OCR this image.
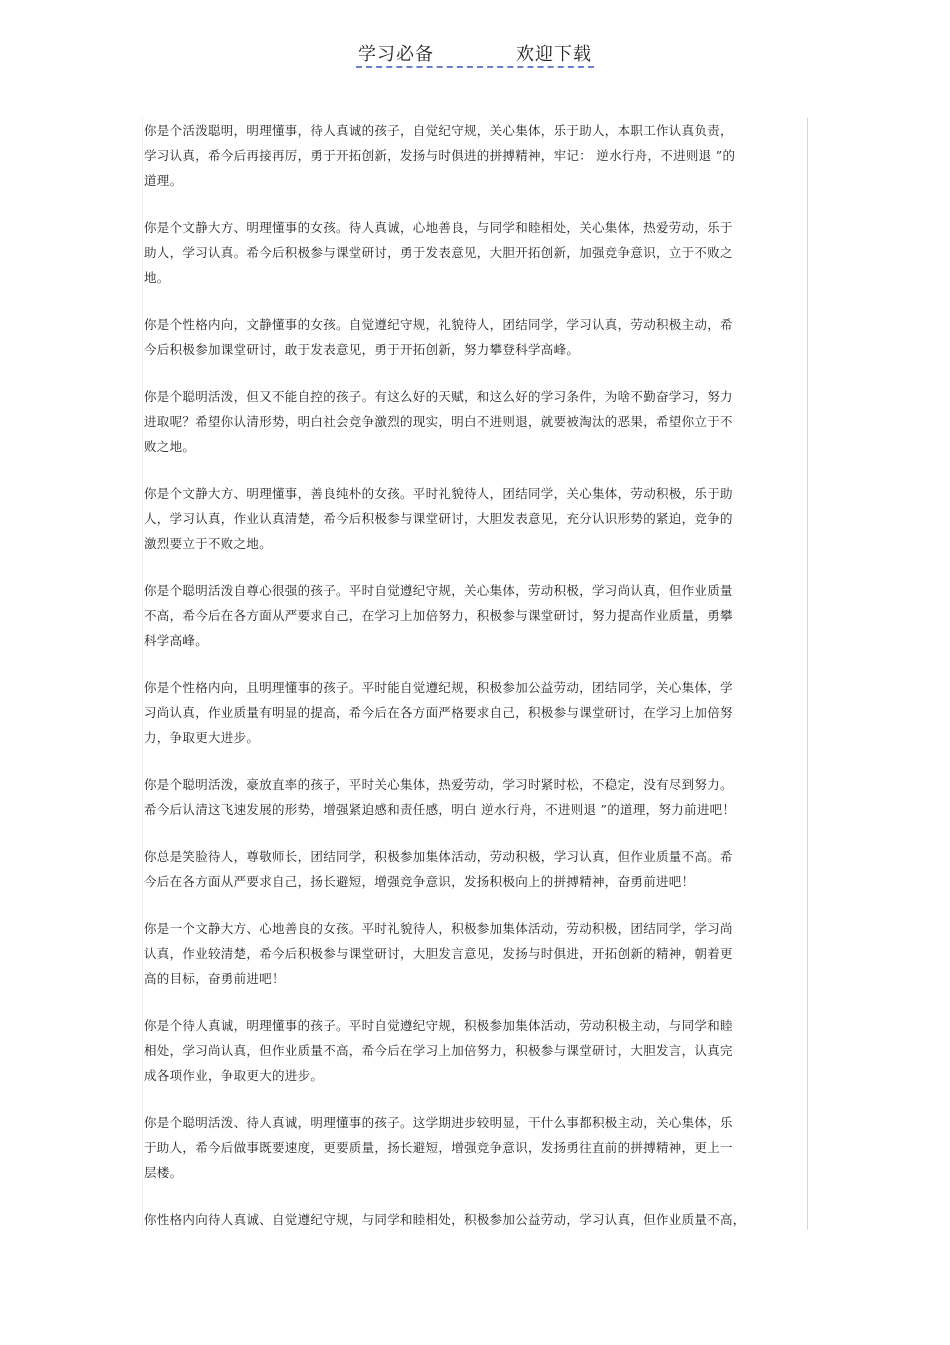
学习必备	欢迎下载
你是个活泼聪明，明理懂事，待人真诚的孩子，自觉纪守规，关心集体，乐于助人，本职工作认真负责，
学习认真，希今后再接再厉，勇于开拓创新，发扬与时俱进的拼搏精神，牢记： 逆水行舟，不进则退 ”的
道理。
你是个文静大方、明理懂事的女孩。待人真诚，心地善良，与同学和睦相处，关心集体，热爱劳动，乐于
助人，学习认真。希今后积极参与课堂研讨，勇于发表意见，大胆开拓创新，加强竞争意识，立于不败之
地。
你是个性格内向，文静懂事的女孩。自觉遵纪守规，礼貌待人，团结同学，学习认真，劳动积极主动，希
今后积极参加课堂研讨，敢于发表意见，勇于开拓创新，努力攀登科学高峰。
你是个聪明活泼，但又不能自控的孩子。有这么好的天赋，和这么好的学习条件，为啥不勤奋学习，努力
进取呢？希望你认清形势，明白社会竞争激烈的现实，明白不进则退，就要被淘汰的恶果，希望你立于不
败之地。
你是个文静大方、明理懂事，善良纯朴的女孩。平时礼貌待人，团结同学，关心集体，劳动积极，乐于助
人，学习认真，作业认真清楚，希今后积极参与课堂研讨，大胆发表意见，充分认识形势的紧迫，竞争的
激烈要立于不败之地。
你是个聪明活泼自尊心很强的孩子。平时自觉遵纪守规，关心集体，劳动积极，学习尚认真，但作业质量
不高，希今后在各方面从严要求自己，在学习上加倍努力，积极参与课堂研讨，努力提高作业质量，勇攀
科学高峰。
你是个性格内向，且明理懂事的孩子。平时能自觉遵纪规，积极参加公益劳动，团结同学，关心集体，学
习尚认真，作业质量有明显的提高，希今后在各方面严格要求自己，积极参与课堂研讨，在学习上加倍努
力，争取更大进步。
你是个聪明活泼，豪放直率的孩子，平时关心集体，热爱劳动，学习时紧时松，不稳定，没有尽到努力。
希今后认清这飞速发展的形势，增强紧迫感和责任感，明白 逆水行舟，不进则退 ”的道理，努力前进吧！
你总是笑脸待人，尊敬师长，团结同学，积极参加集体活动，劳动积极，学习认真，但作业质量不高。希
今后在各方面从严要求自己，扬长避短，增强竞争意识，发扬积极向上的拼搏精神，奋勇前进吧！
你是一个文静大方、心地善良的女孩。平时礼貌待人，积极参加集体活动，劳动积极，团结同学，学习尚
认真，作业较清楚，希今后积极参与课堂研讨，大胆发言意见，发扬与时俱进，开拓创新的精神，朝着更
高的目标，奋勇前进吧！
你是个待人真诚，明理懂事的孩子。平时自觉遵纪守规，积极参加集体活动，劳动积极主动，与同学和睦
相处，学习尚认真，但作业质量不高，希今后在学习上加倍努力，积极参与课堂研讨，大胆发言，认真完
成各项作业，争取更大的进步。
你是个聪明活泼、待人真诚，明理懂事的孩子。这学期进步较明显，干什么事都积极主动，关心集体，乐
于助人，希今后做事既要速度，更要质量，扬长避短，增强竞争意识，发扬勇往直前的拼搏精神，更上一
层楼。
你性格内向待人真诚、自觉遵纪守规，与同学和睦相处，积极参加公益劳动，学习认真，但作业质量不高，
